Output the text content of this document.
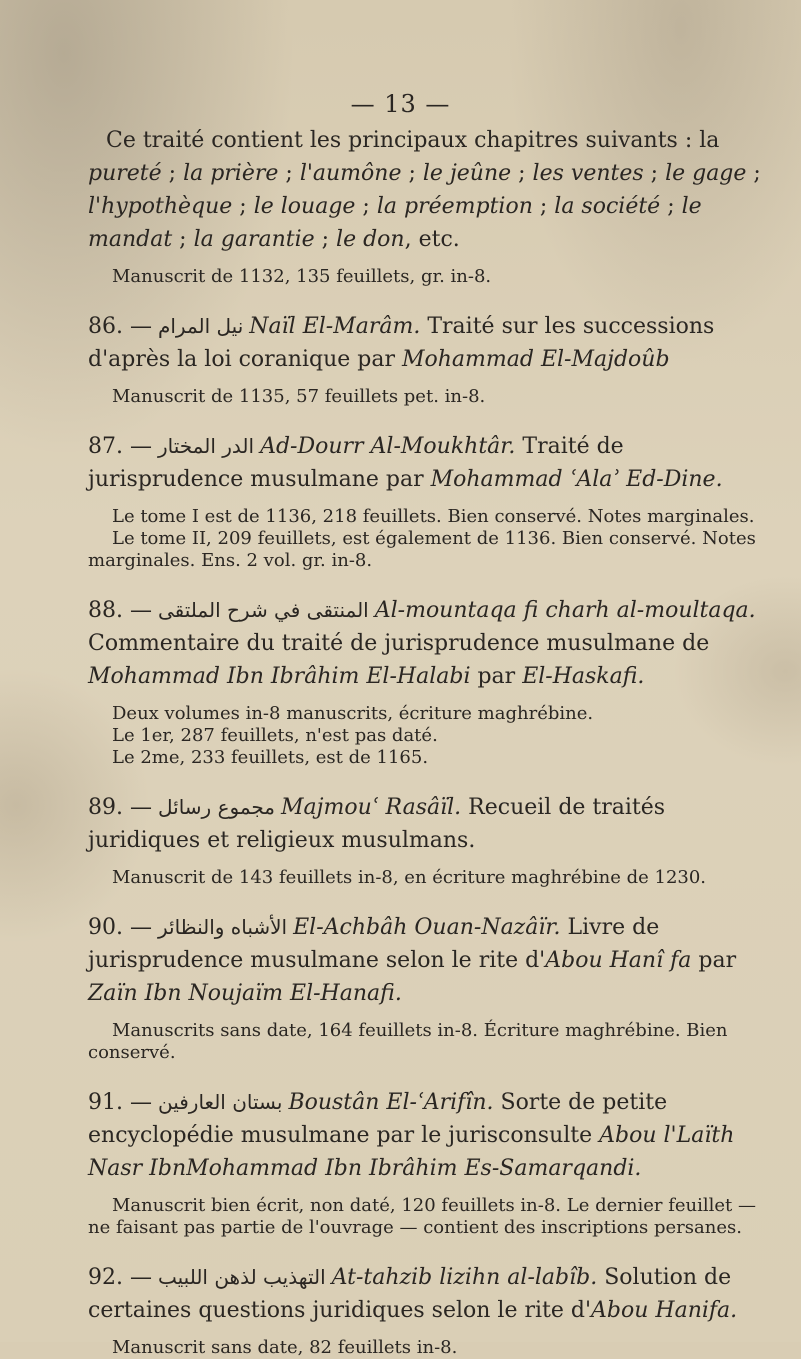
— 13 —

Ce traité contient les principaux chapitres suivants : la pureté ; la prière ; l'aumône ; le jeûne ; les ventes ; le gage ; l'hypothèque ; le louage ; la préemption ; la société ; le mandat ; la garantie ; le don, etc.

Manuscrit de 1132, 135 feuillets, gr. in-8.

86. — نيل المرام Naïl El-Marâm. Traité sur les successions d'après la loi coranique par Mohammad El-Majdoûb

Manuscrit de 1135, 57 feuillets pet. in-8.

87. — الدر المختار Ad-Dourr Al-Moukhtâr. Traité de jurisprudence musulmane par Mohammad ʿAlaʾ Ed-Dine.

Le tome I est de 1136, 218 feuillets. Bien conservé. Notes marginales.

Le tome II, 209 feuillets, est également de 1136. Bien conservé. Notes marginales. Ens. 2 vol. gr. in-8.

88. — المنتقى في شرح الملتقى Al-mountaqa fi charh al-moultaqa. Commentaire du traité de jurisprudence musulmane de Mohammad Ibn Ibrâhim El-Halabi par El-Haskafi.

Deux volumes in-8 manuscrits, écriture maghrébine.

Le 1er, 287 feuillets, n'est pas daté.

Le 2me, 233 feuillets, est de 1165.

89. — مجموع رسائل Majmouʿ Rasâïl. Recueil de traités juridiques et religieux musulmans.

Manuscrit de 143 feuillets in-8, en écriture maghrébine de 1230.

90. — الأشباه والنظائر El-Achbâh Ouan-Nazâïr. Livre de jurisprudence musulmane selon le rite d'Abou Hanî fa par Zaïn Ibn Noujaïm El-Hanafi.

Manuscrits sans date, 164 feuillets in-8. Écriture maghrébine. Bien conservé.

91. — بستان العارفين Boustân El-ʿArifîn. Sorte de petite encyclopédie musulmane par le jurisconsulte Abou l'Laïth Nasr IbnMohammad Ibn Ibrâhim Es-Samarqandi.

Manuscrit bien écrit, non daté, 120 feuillets in-8. Le dernier feuillet — ne faisant pas partie de l'ouvrage — contient des inscriptions persanes.

92. — التهذيب لذهن اللبيب At-tahzib lizihn al-labîb. Solution de certaines questions juridiques selon le rite d'Abou Hanifa.

Manuscrit sans date, 82 feuillets in-8.
